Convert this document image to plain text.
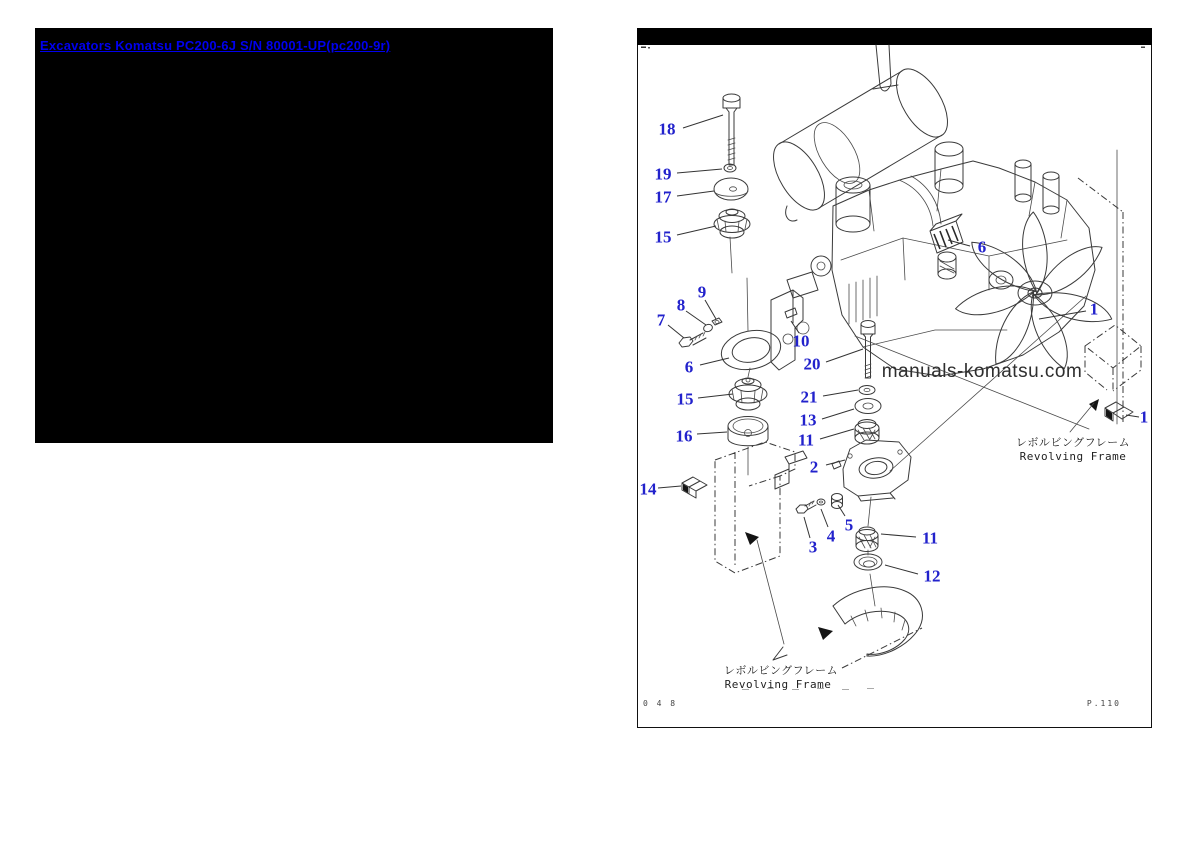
Excavators Komatsu PC200-6J S/N 80001-UP(pc200-9r)
18
19
17
15
9
8
7
6
10
20
21
13
11
2
15
16
14
3
4
5
11
12
6
1
1
manuals-komatsu.com
レボルビングフレーム
Revolving Frame
レボルビングフレーム
Revolving Frame
0 4 8	P.110
